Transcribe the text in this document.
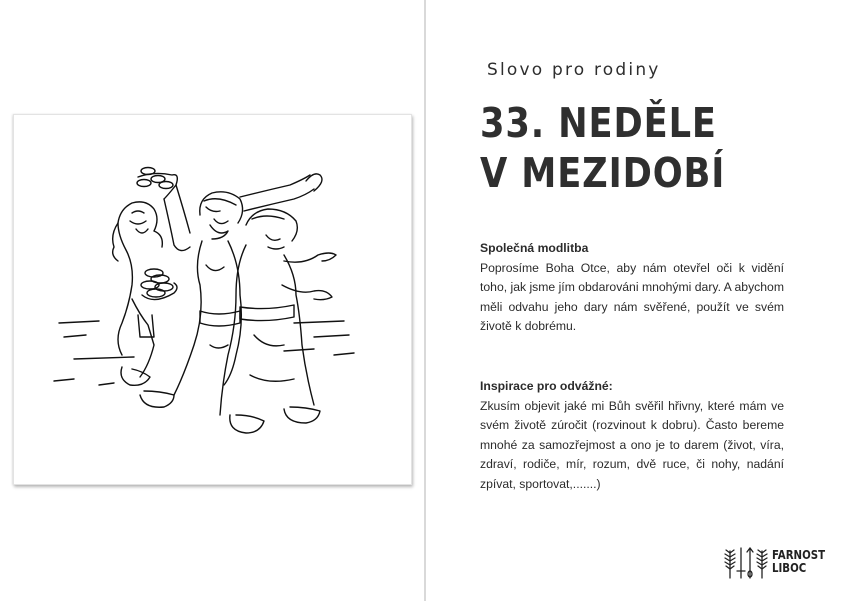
Slovo pro rodiny
33. NEDĚLE
V MEZIDOBÍ
Společná modlitba
Poprosíme Boha Otce, aby nám otevřel oči k vidění toho, jak jsme jím obdarováni mnohými dary. A abychom měli odvahu jeho dary nám svěřené, použít ve svém životě k dobrému.
Inspirace pro odvážné:
Zkusím objevit jaké mi Bůh svěřil hřivny, které mám ve svém životě zúročit (rozvinout k dobru). Často bereme mnohé za samozřejmost a ono je to darem (život, víra, zdraví, rodiče, mír, rozum, dvě ruce, či nohy, nadání zpívat, sportovat,.......)
FARNOST
LIBOC
